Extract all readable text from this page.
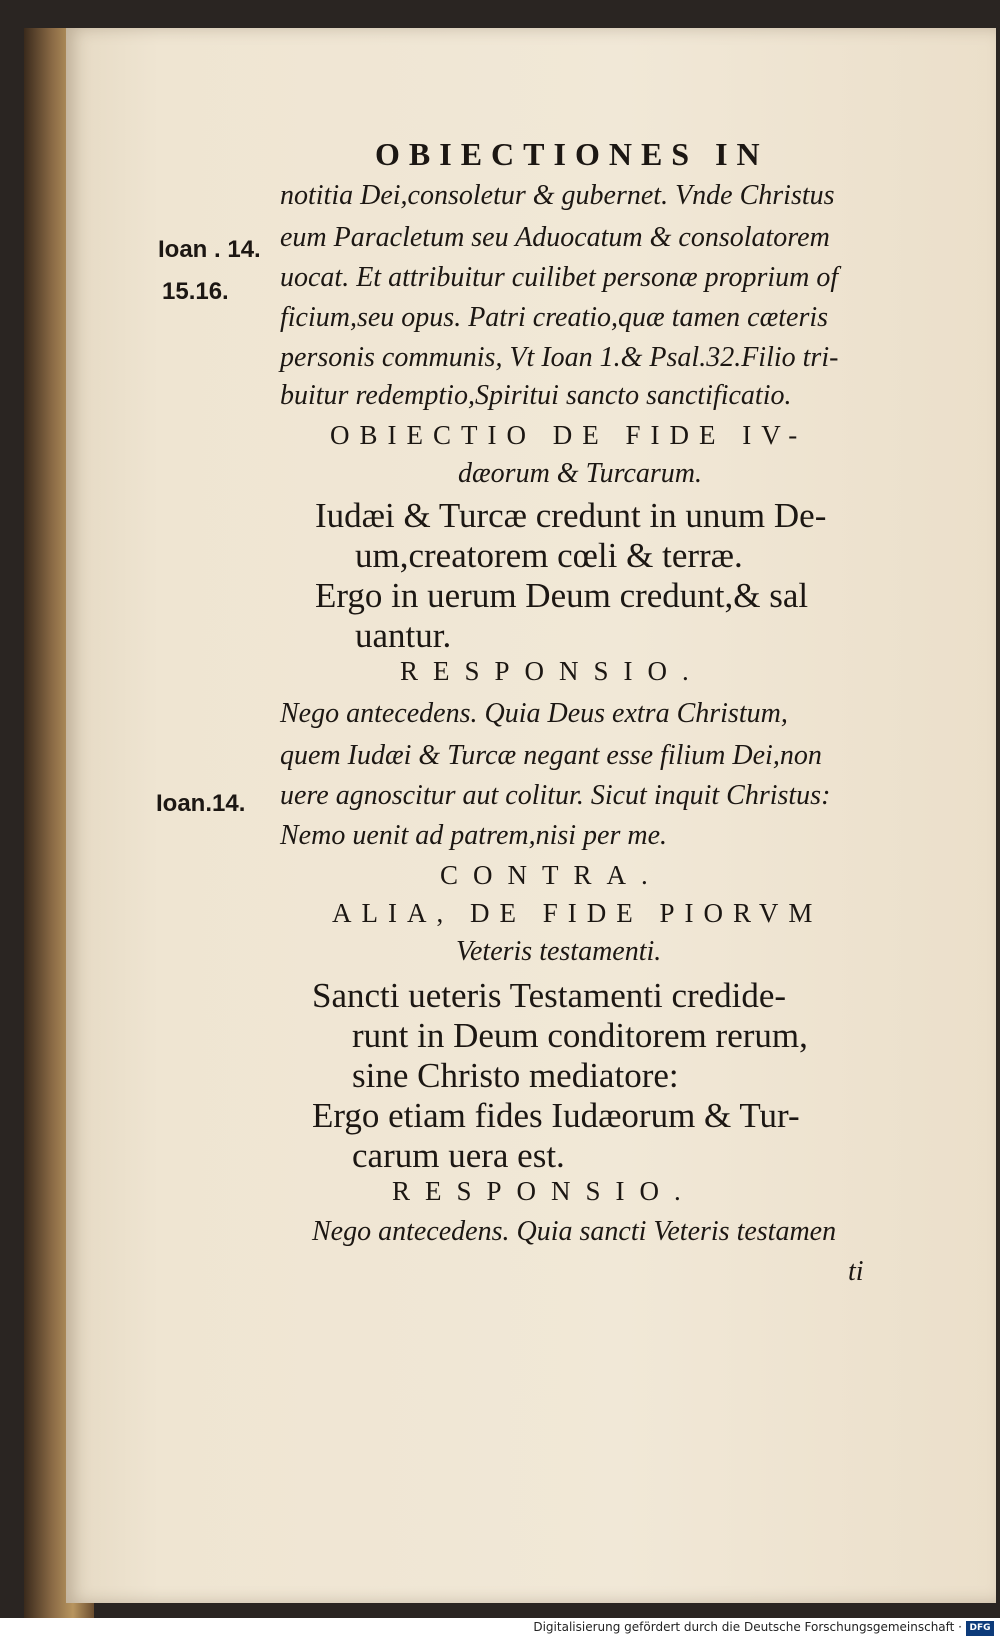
OBIECTIONES IN
Ioan . 14.
15.16.
Ioan.14.
notitia Dei,consoletur & gubernet. Vnde Christus
eum Paracletum seu Aduocatum & consolatorem
uocat. Et attribuitur cuilibet personæ proprium of
ficium,seu opus. Patri creatio,quæ tamen cæteris
personis communis, Vt Ioan 1.& Psal.32.Filio tri-
buitur redemptio,Spiritui sancto sanctificatio.
OBIECTIO DE FIDE IV-
dæorum & Turcarum.
Iudæi & Turcæ credunt in unum De-
um,creatorem cœli & terræ.
Ergo in uerum Deum credunt,& sal
uantur.
RESPONSIO.
Nego antecedens. Quia Deus extra Christum,
quem Iudæi & Turcæ negant esse filium Dei,non
uere agnoscitur aut colitur. Sicut inquit Christus:
Nemo uenit ad patrem,nisi per me.
CONTRA.
ALIA, DE FIDE PIORVM
Veteris testamenti.
Sancti ueteris Testamenti credide-
runt in Deum conditorem rerum,
sine Christo mediatore:
Ergo etiam fides Iudæorum & Tur-
carum uera est.
RESPONSIO.
Nego antecedens. Quia sancti Veteris testamen
ti
Digitalisierung gefördert durch die Deutsche Forschungsgemeinschaft · DFG
